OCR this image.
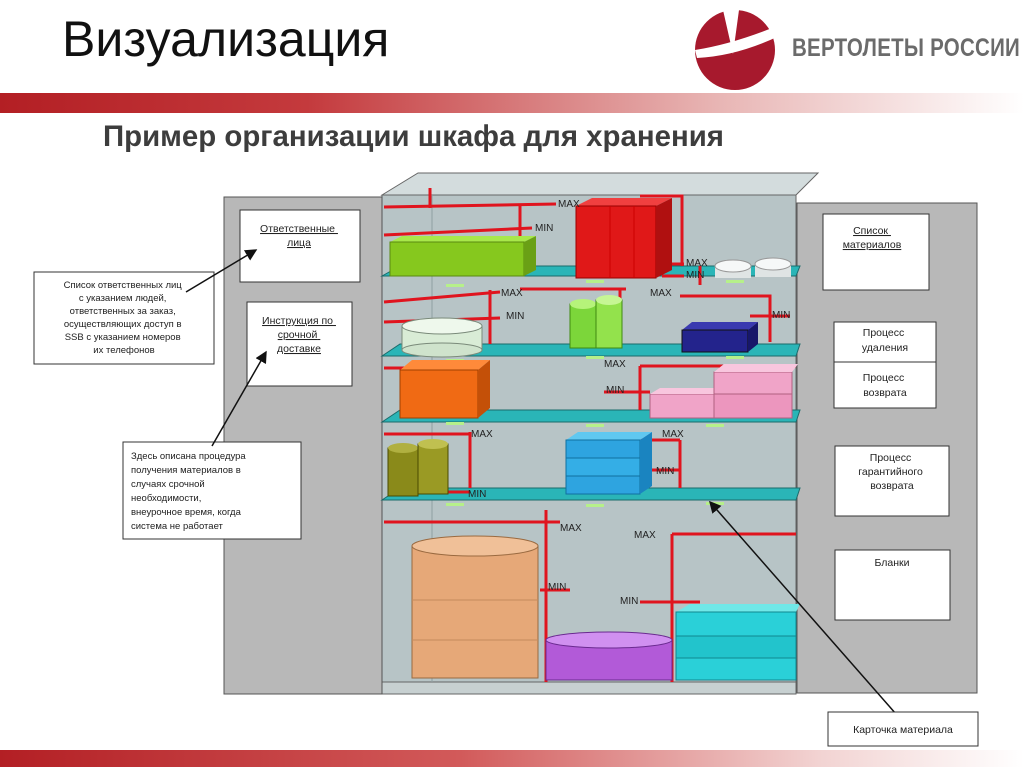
Визуализация	ВЕРТОЛЕТЫ РОССИИ
Пример организации шкафа для хранения
MAX
MIN
MAX
MIN
MAX
MIN
MAX
MIN
MAX
MIN
MAX	MAX
MIN
MIN
MAX
MAX
MIN
MIN
Ответственные лица
Инструкция по срочной доставке
Список ответственных лиц с указанием людей, ответственных за заказ, осуществляющих доступ в SSB с указанием номеров их телефонов
Здесь описана процедура получения материалов в случаях срочной необходимости, внеурочное время, когда система не работает
Список материалов
Процесс удаления
Процесс возврата
Процесс гарантийного возврата
Бланки
Карточка материала
